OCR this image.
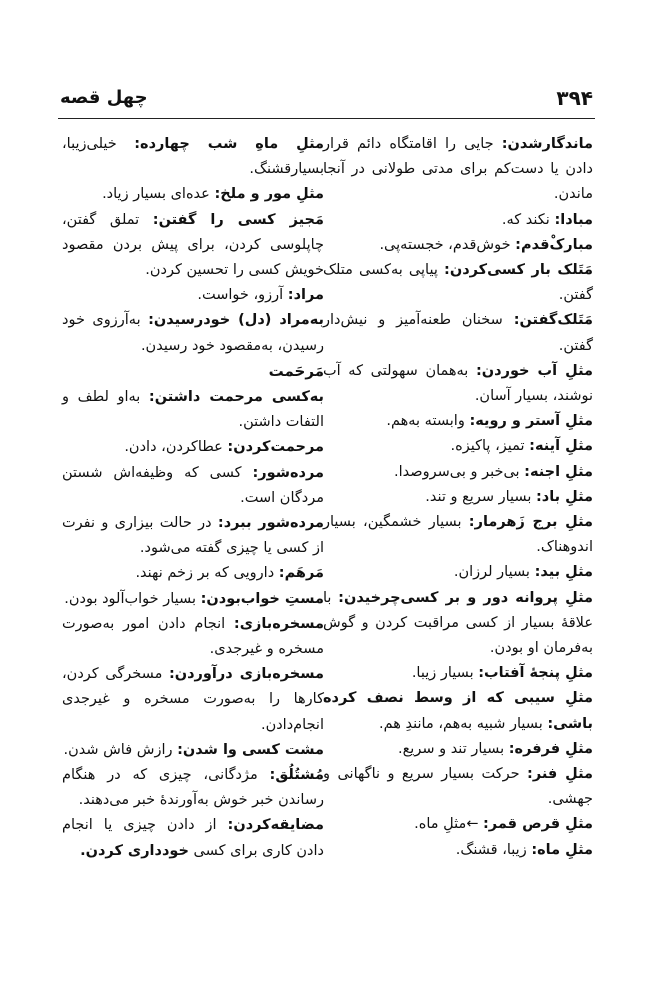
۳۹۴
چهل قصه

ماندگارشدن: جایی را اقامتگاه دائم قرار دادن یا دست‌کم برای مدتی طولانی در آنجا ماندن.

مبادا: نکند که.

مبارکْ‌قدم: خوش‌قدم، خجسته‌پی.

مَتَلک بار کسی‌کردن: پیاپی به‌کسی متلک گفتن.

مَتَلک‌گفتن: سخنان طعنه‌آمیز و نیش‌دار گفتن.

مثلِ آب خوردن: به‌همان سهولتی که آب نوشند، بسیار آسان.

مثلِ آستر و رویه: وابسته به‌هم.

مثلِ آینه: تمیز، پاکیزه.

مثلِ اجنه: بی‌خبر و بی‌سروصدا.

مثلِ باد: بسیار سریع و تند.

مثلِ برج زَهرمار: بسیار خشمگین، بسیار اندوهناک.

مثلِ بید: بسیار لرزان.

مثلِ پروانه دور و بر کسی‌چرخیدن: با علاقهٔ بسیار از کسی مراقبت کردن و گوش به‌فرمان او بودن.

مثلِ پنجهٔ آفتاب: بسیار زیبا.

مثلِ سیبی که از وسط نصف کرده باشی: بسیار شبیه به‌هم، مانندِ هم.

مثلِ فرفره: بسیار تند و سریع.

مثلِ فنر: حرکت بسیار سریع و ناگهانی و جهشی.

مثلِ قرص قمر: ←مثلِ ماه.

مثلِ ماه: زیبا، قشنگ.

مثلِ ماهِ شب چهارده: خیلی‌زیبا، بسیارقشنگ.

مثلِ مور و ملخ: عده‌ای بسیار زیاد.

مَجیز کسی را گفتن: تملق گفتن، چاپلوسی کردن، برای پیش بردن مقصود خویش کسی را تحسین کردن.

مراد: آرزو، خواست.

به‌مراد (دل) خود‌رسیدن: به‌آرزوی خود رسیدن، به‌مقصود خود رسیدن.

مَرحَمت

به‌کسی مرحمت داشتن: به‌او لطف و التفات داشتن.

مرحمت‌کردن: عطاکردن، دادن.

مرده‌شور: کسی که وظیفه‌اش شستن مردگان است.

مرده‌شور ببرد: در حالت بیزاری و نفرت از کسی یا چیزی گفته می‌شود.

مَرهَم: دارویی که بر زخم نهند.

مستِ خواب‌بودن: بسیار خواب‌آلود بودن.

مسخره‌بازی: انجام دادن امور به‌صورت مسخره و غیرجدی.

مسخره‌بازی درآوردن: مسخرگی کردن، کارها را به‌صورت مسخره و غیرجدی انجام‌دادن.

مشت کسی وا شدن: رازش فاش شدن.

مُشتُلُق: مژدگانی، چیزی که در هنگام رساندن خبر خوش به‌آورندهٔ خبر می‌دهند.

مضایقه‌کردن: از دادن چیزی یا انجام دادن کاری برای کسی خودداری کردن.
